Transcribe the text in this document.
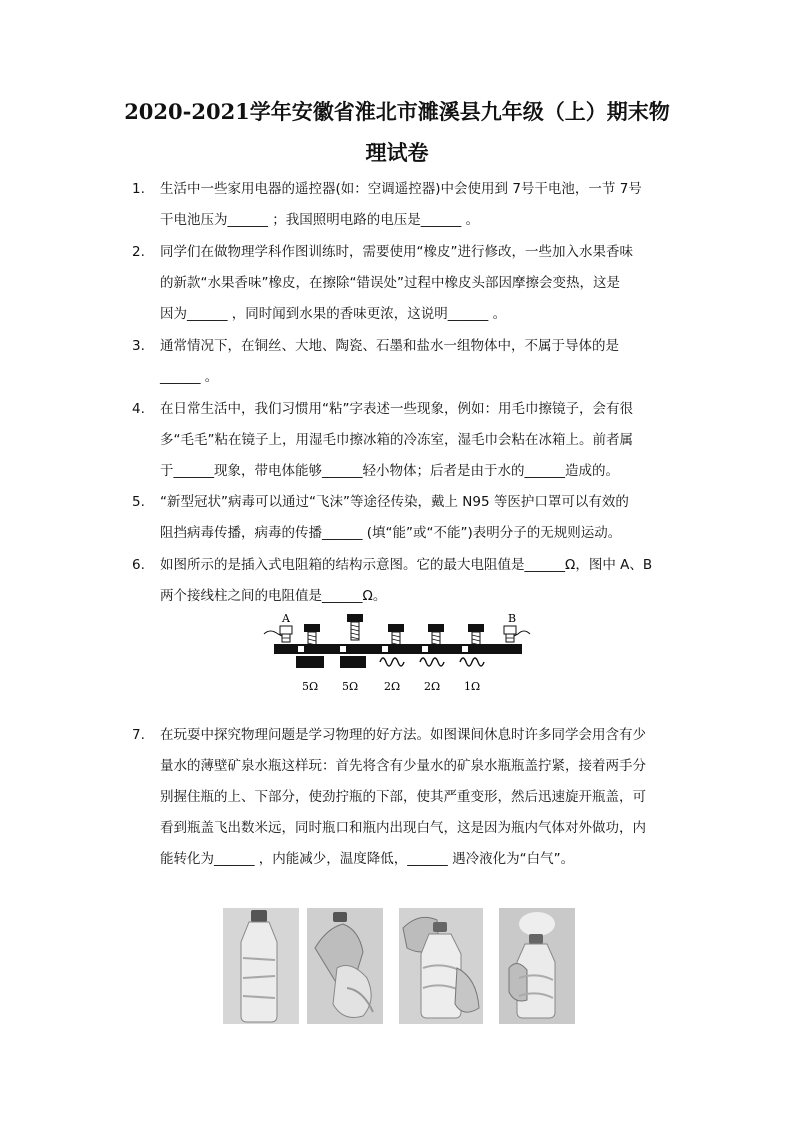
2020-2021学年安徽省淮北市濉溪县九年级（上）期末物
理试卷
1.	生活中一些家用电器的遥控器(如：空调遥控器)中会使用到 7号干电池，一节 7号
干电池压为______ ；我国照明电路的电压是______ 。
2.	同学们在做物理学科作图训练时，需要使用“橡皮”进行修改，一些加入水果香味
的新款“水果香味”橡皮，在擦除“错误处”过程中橡皮头部因摩擦会变热，这是
因为______ ，同时闻到水果的香味更浓，这说明______ 。
3.	通常情况下，在铜丝、大地、陶瓷、石墨和盐水一组物体中，不属于导体的是
______ 。
4.	在日常生活中，我们习惯用“粘”字表述一些现象，例如：用毛巾擦镜子，会有很
多“毛毛”粘在镜子上，用湿毛巾擦冰箱的冷冻室，湿毛巾会粘在冰箱上。前者属
于______现象，带电体能够______轻小物体；后者是由于水的______造成的。
5.	“新型冠状”病毒可以通过“飞沫”等途径传染，戴上 N95 等医护口罩可以有效的
阻挡病毒传播，病毒的传播______ (填“能”或“不能”)表明分子的无规则运动。
6.	如图所示的是插入式电阻箱的结构示意图。它的最大电阻值是______Ω，图中 A、B
两个接线柱之间的电阻值是______Ω。
A	B
5Ω 5Ω 2Ω 2Ω 1Ω
7.	在玩耍中探究物理问题是学习物理的好方法。如图课间休息时许多同学会用含有少
量水的薄壁矿泉水瓶这样玩：首先将含有少量水的矿泉水瓶瓶盖拧紧，接着两手分
别握住瓶的上、下部分，使劲拧瓶的下部，使其严重变形，然后迅速旋开瓶盖，可
看到瓶盖飞出数米远，同时瓶口和瓶内出现白气，这是因为瓶内气体对外做功，内
能转化为______ ，内能减少，温度降低，______ 遇冷液化为“白气”。
